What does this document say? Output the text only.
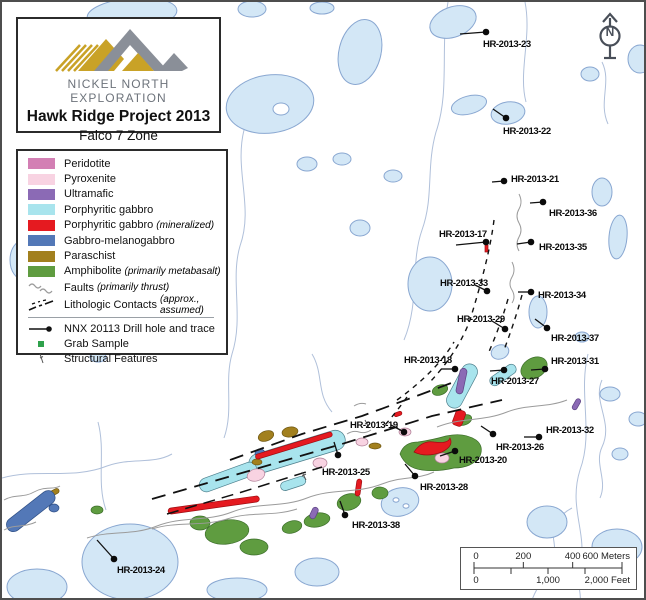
HR-2013-23
HR-2013-22
HR-2013-21
HR-2013-36
HR-2013-17
HR-2013-35
HR-2013-33
HR-2013-34
HR-2013-29
HR-2013-37
HR-2013-18	HR-2013-31
HR-2013-27
HR-2013-19
HR-2013-26
HR-2013-32
HR-2013-20
HR-2013-25
HR-2013-28
HR-2013-38
HR-2013-24
NICKEL NORTH EXPLORATION
Hawk Ridge Project 2013
Falco 7 Zone
Peridotite
Pyroxenite
Ultramafic
Porphyritic gabbro
Porphyritic gabbro (mineralized)
Gabbro-melanogabbro
Paraschist
Amphibolite (primarily metabasalt)
Faults (primarily thrust)
Lithologic Contacts (approx., assumed)
NNX 20113 Drill hole and trace
Grab Sample
Structural Features
N
0	200	400 600 Meters
0	1,000	2,000 Feet
